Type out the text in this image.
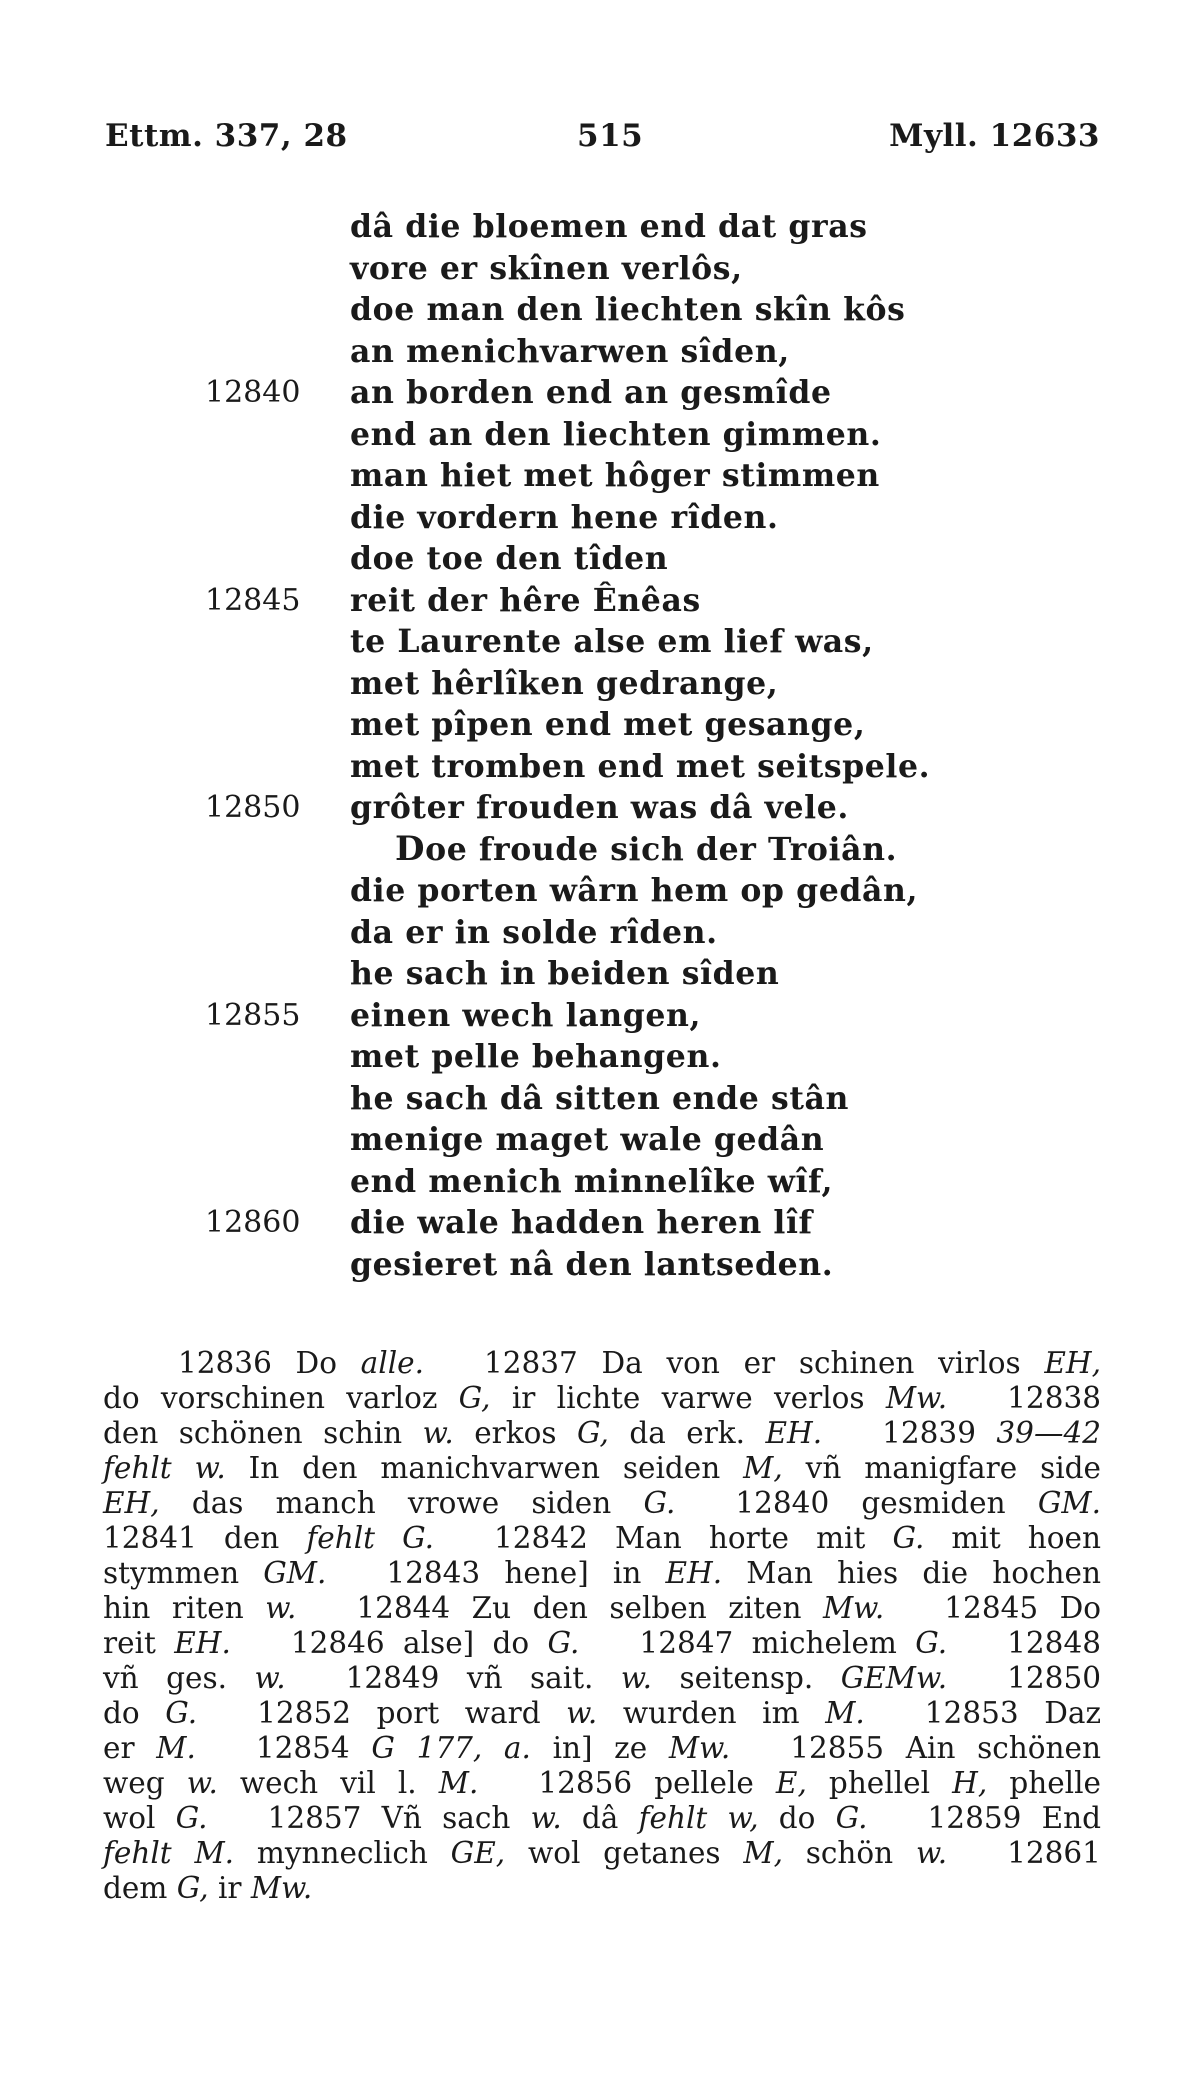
Ettm. 337, 28	515	Myll. 12633
dâ die bloemen end dat gras
vore er skînen verlôs,
doe man den liechten skîn kôs
an menichvarwen sîden,
12840	an borden end an gesmîde
end an den liechten gimmen.
man hiet met hôger stimmen
die vordern hene rîden.
doe toe den tîden
12845	reit der hêre Ênêas
te Laurente alse em lief was,
met hêrlîken gedrange,
met pîpen end met gesange,
met tromben end met seitspele.
12850	grôter frouden was dâ vele.
Doe froude sich der Troiân.
die porten wârn hem op gedân,
da er in solde rîden.
he sach in beiden sîden
12855	einen wech langen,
met pelle behangen.
he sach dâ sitten ende stân
menige maget wale gedân
end menich minnelîke wîf,
12860	die wale hadden heren lîf
gesieret nâ den lantseden.
12836 Do alle. 12837 Da von er schinen virlos EH,
do vorschinen varloz G, ir lichte varwe verlos Mw. 12838
den schönen schin w. erkos G, da erk. EH. 12839 39—42
fehlt w. In den manichvarwen seiden M, vñ manigfare side
EH, das manch vrowe siden G. 12840 gesmiden GM.
12841 den fehlt G. 12842 Man horte mit G. mit hoen
stymmen GM. 12843 hene] in EH. Man hies die hochen
hin riten w. 12844 Zu den selben ziten Mw. 12845 Do
reit EH. 12846 alse] do G. 12847 michelem G. 12848
vñ ges. w. 12849 vñ sait. w. seitensp. GEMw. 12850
do G. 12852 port ward w. wurden im M. 12853 Daz
er M. 12854 G 177, a. in] ze Mw. 12855 Ain schönen
weg w. wech vil l. M. 12856 pellele E, phellel H, phelle
wol G. 12857 Vñ sach w. dâ fehlt w, do G. 12859 End
fehlt M. mynneclich GE, wol getanes M, schön w. 12861
dem G, ir Mw.
